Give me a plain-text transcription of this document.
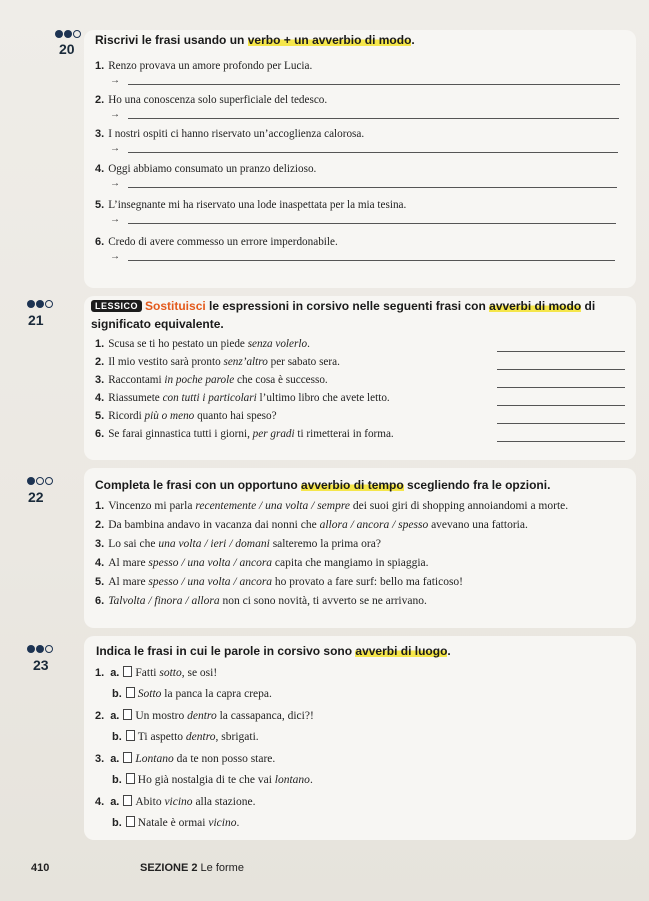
20
Riscrivi le frasi usando un verbo + un avverbio di modo.
1. Renzo provava un amore profondo per Lucia.
→
2. Ho una conoscenza solo superficiale del tedesco.
→
3. I nostri ospiti ci hanno riservato un’accoglienza calorosa.
→
4. Oggi abbiamo consumato un pranzo delizioso.
→
5. L’insegnante mi ha riservato una lode inaspettata per la mia tesina.
→
6. Credo di avere commesso un errore imperdonabile.
→
21
LESSICO Sostituisci le espressioni in corsivo nelle seguenti frasi con avverbi di modo di
significato equivalente.
1. Scusa se ti ho pestato un piede senza volerlo.
2. Il mio vestito sarà pronto senz’altro per sabato sera.
3. Raccontami in poche parole che cosa è successo.
4. Riassumete con tutti i particolari l’ultimo libro che avete letto.
5. Ricordi più o meno quanto hai speso?
6. Se farai ginnastica tutti i giorni, per gradi ti rimetterai in forma.
22
Completa le frasi con un opportuno avverbio di tempo scegliendo fra le opzioni.
1. Vincenzo mi parla recentemente / una volta / sempre dei suoi giri di shopping annoiandomi a morte.
2. Da bambina andavo in vacanza dai nonni che allora / ancora / spesso avevano una fattoria.
3. Lo sai che una volta / ieri / domani salteremo la prima ora?
4. Al mare spesso / una volta / ancora capita che mangiamo in spiaggia.
5. Al mare spesso / una volta / ancora ho provato a fare surf: bello ma faticoso!
6. Talvolta / finora / allora non ci sono novità, ti avverto se ne arrivano.
23
Indica le frasi in cui le parole in corsivo sono avverbi di luogo.
1. a. Fatti sotto, se osi!
b. Sotto la panca la capra crepa.
2. a. Un mostro dentro la cassapanca, dici?!
b. Ti aspetto dentro, sbrigati.
3. a. Lontano da te non posso stare.
b. Ho già nostalgia di te che vai lontano.
4. a. Abito vicino alla stazione.
b. Natale è ormai vicino.
410	SEZIONE 2 Le forme
